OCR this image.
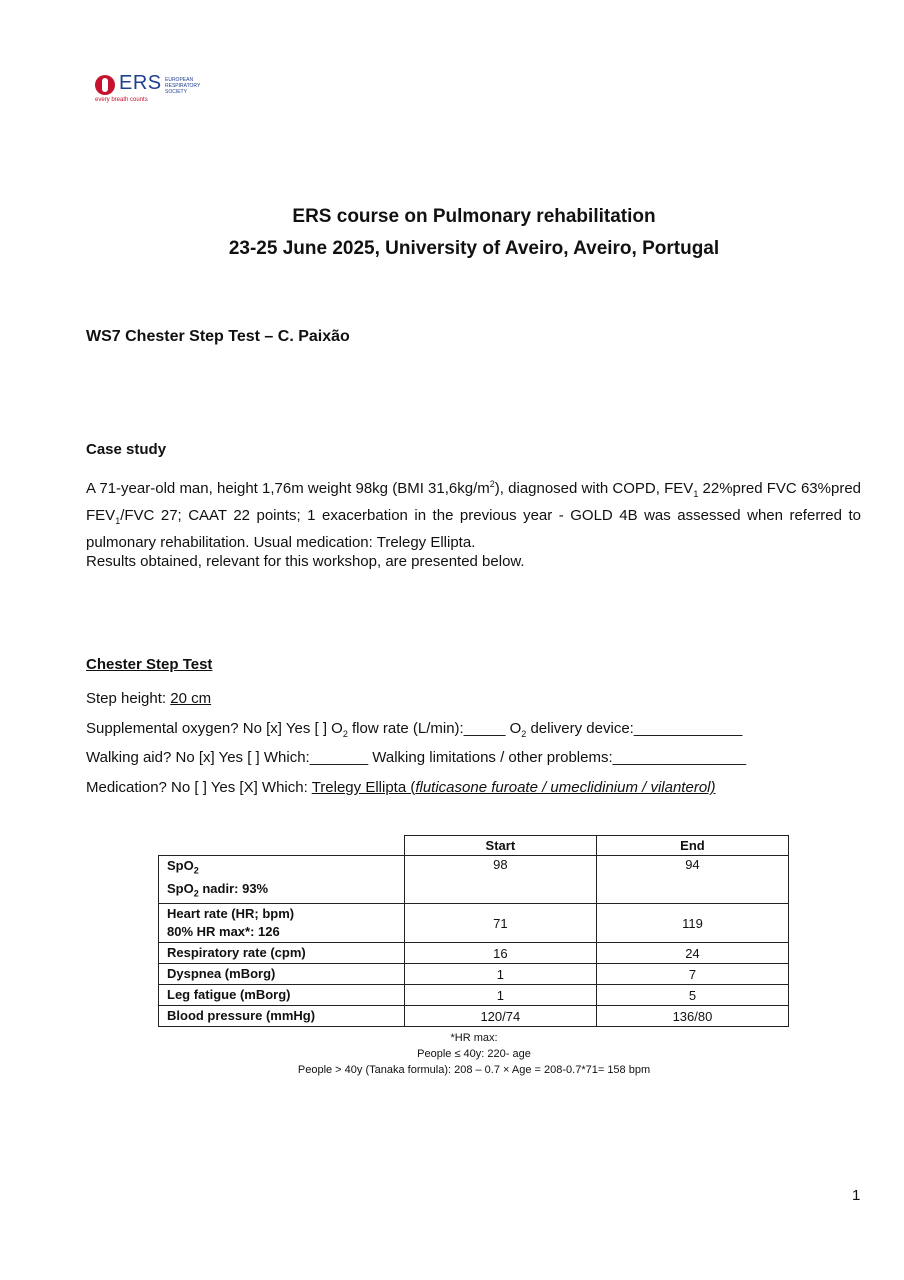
ERS EUROPEAN RESPIRATORY SOCIETY
every breath counts
ERS course on Pulmonary rehabilitation
23-25 June 2025, University of Aveiro, Aveiro, Portugal
WS7 Chester Step Test – C. Paixão
Case study
A 71-year-old man, height 1,76m weight 98kg (BMI $31,6kg/m^2$), diagnosed with COPD, $FEV_1$ 22%pred FVC 63%pred $FEV_1$/FVC 27; CAAT 22 points; 1 exacerbation in the previous year - GOLD 4B was assessed when referred to pulmonary rehabilitation. Usual medication: Trelegy Ellipta.
Results obtained, relevant for this workshop, are presented below.
Chester Step Test
Step height: 20 cm
Supplemental oxygen? No [x] Yes [ ] $O_2$ flow rate (L/min):_____ $O_2$ delivery device:_____________
Walking aid? No [x] Yes [ ] Which:_______ Walking limitations / other problems:________________
Medication? No [ ] Yes [X] Which: Trelegy Ellipta (fluticasone furoate / umeclidinium / vilanterol)
	Start	End
SpO$_2$
SpO$_2$ nadir: 93%	98	94
Heart rate (HR; bpm)
80% HR max*: 126	71	119
Respiratory rate (cpm)	16	24
Dyspnea (mBorg)	1	7
Leg fatigue (mBorg)	1	5
Blood pressure (mmHg)	120/74	136/80
*HR max:
People ≤ 40y: 220- age
People > 40y (Tanaka formula): 208 – 0.7 × Age = 208-0.7*71= 158 bpm
1
